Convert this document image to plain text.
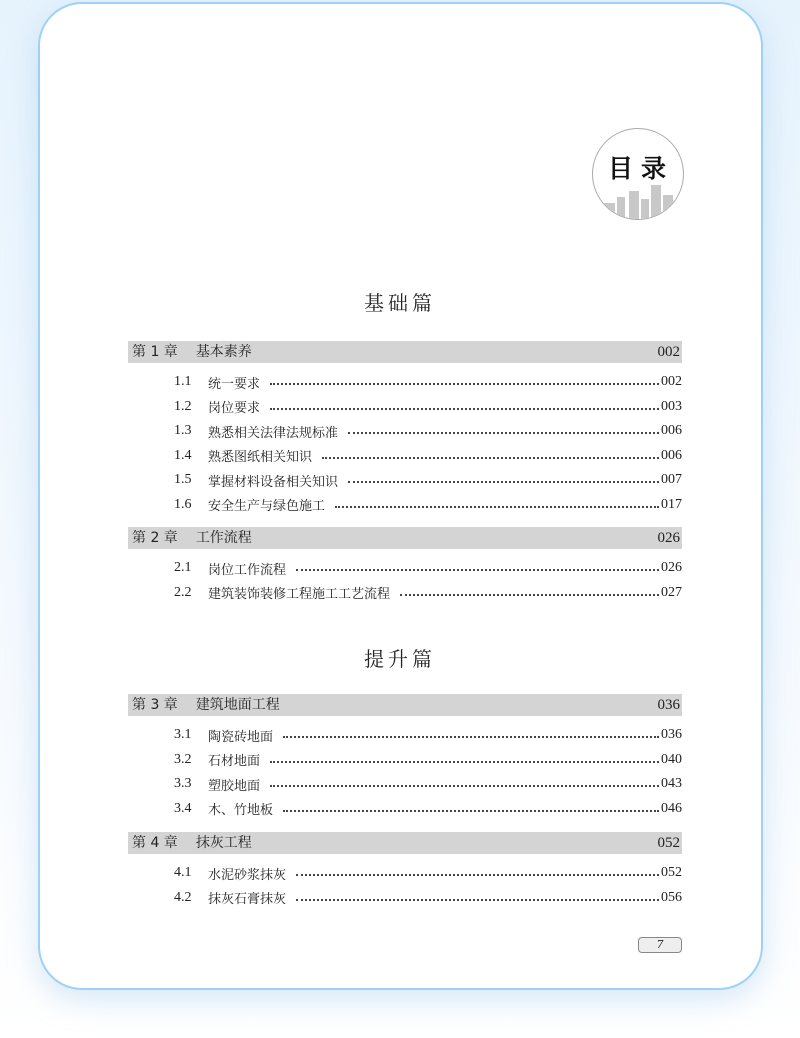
目录
基础篇
第 1 章 基本素养	002
1.1	统一要求	002
1.2	岗位要求	003
1.3	熟悉相关法律法规标准	006
1.4	熟悉图纸相关知识	006
1.5	掌握材料设备相关知识	007
1.6	安全生产与绿色施工	017
第 2 章 工作流程	026
2.1	岗位工作流程	026
2.2	建筑装饰装修工程施工工艺流程	027
提升篇
第 3 章 建筑地面工程	036
3.1	陶瓷砖地面	036
3.2	石材地面	040
3.3	塑胶地面	043
3.4	木、竹地板	046
第 4 章 抹灰工程	052
4.1	水泥砂浆抹灰	052
4.2	抹灰石膏抹灰	056
7
